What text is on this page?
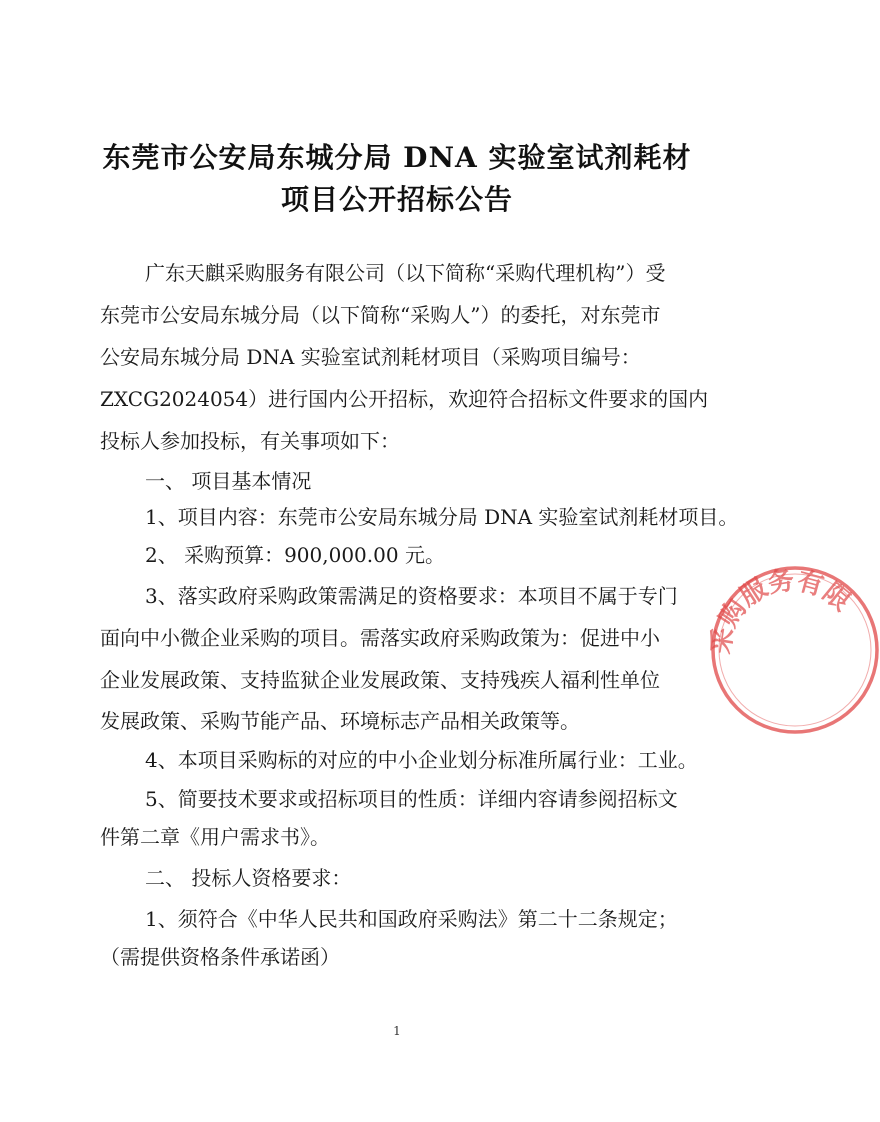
东莞市公安局东城分局 DNA 实验室试剂耗材
项目公开招标公告

广东天麒采购服务有限公司（以下简称“采购代理机构”）受

东莞市公安局东城分局（以下简称“采购人”）的委托，对东莞市

公安局东城分局 DNA 实验室试剂耗材项目（采购项目编号：

ZXCG2024054）进行国内公开招标，欢迎符合招标文件要求的国内

投标人参加投标，有关事项如下：

一、 项目基本情况

1、项目内容：东莞市公安局东城分局 DNA 实验室试剂耗材项目。

2、 采购预算：900,000.00 元。

3、落实政府采购政策需满足的资格要求：本项目不属于专门

面向中小微企业采购的项目。需落实政府采购政策为：促进中小

企业发展政策、支持监狱企业发展政策、支持残疾人福利性单位

发展政策、采购节能产品、环境标志产品相关政策等。

4、本项目采购标的对应的中小企业划分标准所属行业：工业。

5、简要技术要求或招标项目的性质：详细内容请参阅招标文

件第二章《用户需求书》。

二、 投标人资格要求：

1、须符合《中华人民共和国政府采购法》第二十二条规定；

（需提供资格条件承诺函）

1
采购服务有限
